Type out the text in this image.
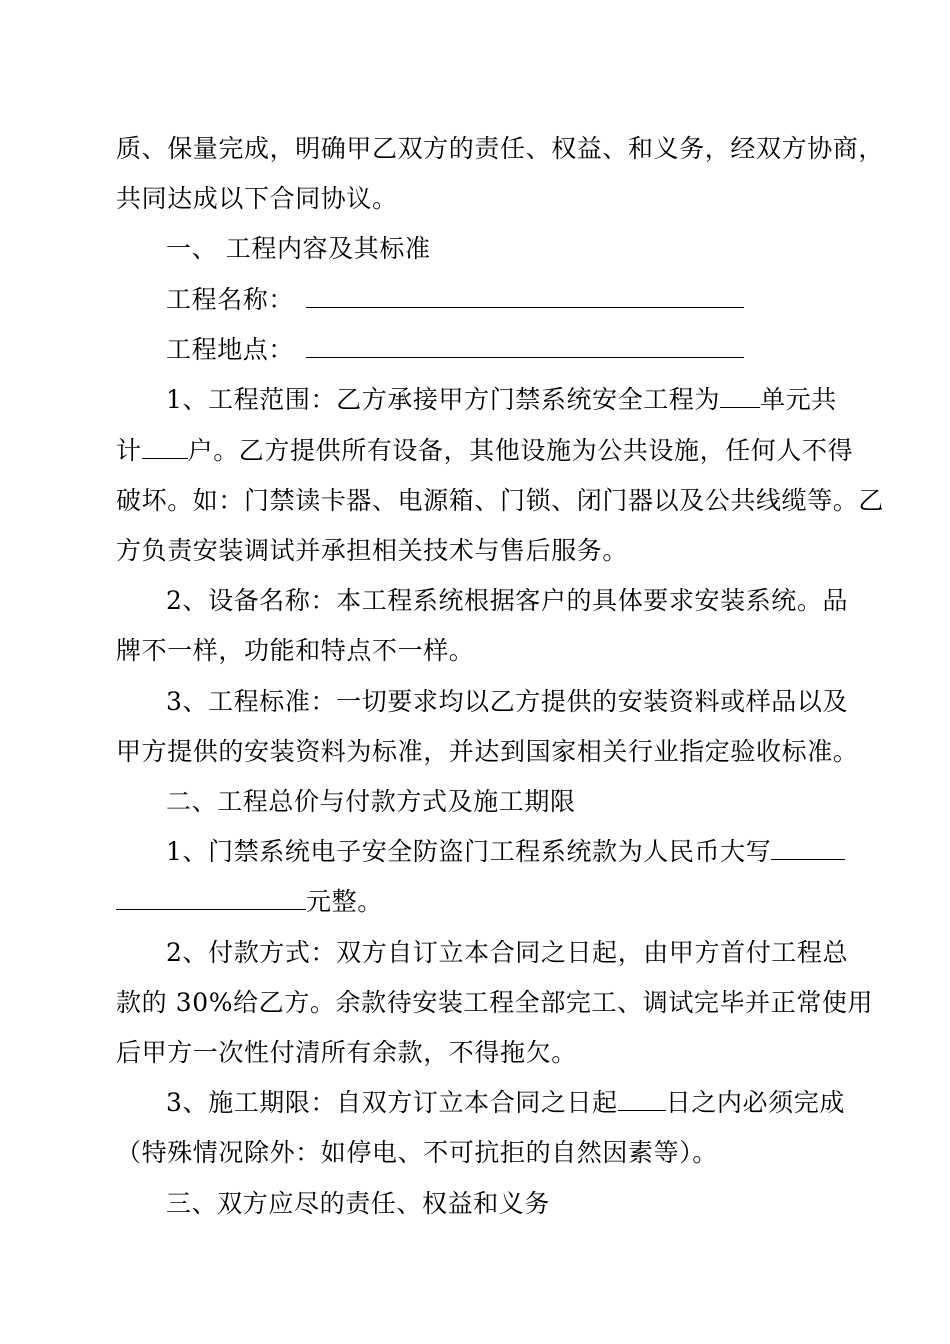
质、保量完成，明确甲乙双方的责任、权益、和义务，经双方协商，
共同达成以下合同协议。
一、 工程内容及其标准
工程名称：
工程地点：
1、工程范围：乙方承接甲方门禁系统安全工程为 单元共
计 户。乙方提供所有设备，其他设施为公共设施，任何人不得
破坏。如：门禁读卡器、电源箱、门锁、闭门器以及公共线缆等。乙
方负责安装调试并承担相关技术与售后服务。
2、设备名称：本工程系统根据客户的具体要求安装系统。品
牌不一样，功能和特点不一样。
3、工程标准：一切要求均以乙方提供的安装资料或样品以及
甲方提供的安装资料为标准，并达到国家相关行业指定验收标准。
二、工程总价与付款方式及施工期限
1、门禁系统电子安全防盗门工程系统款为人民币大写
元整。
2、付款方式：双方自订立本合同之日起，由甲方首付工程总
款的 30%给乙方。余款待安装工程全部完工、调试完毕并正常使用
后甲方一次性付清所有余款，不得拖欠。
3、施工期限：自双方订立本合同之日起 日之内必须完成
（特殊情况除外：如停电、不可抗拒的自然因素等）。
三、双方应尽的责任、权益和义务
